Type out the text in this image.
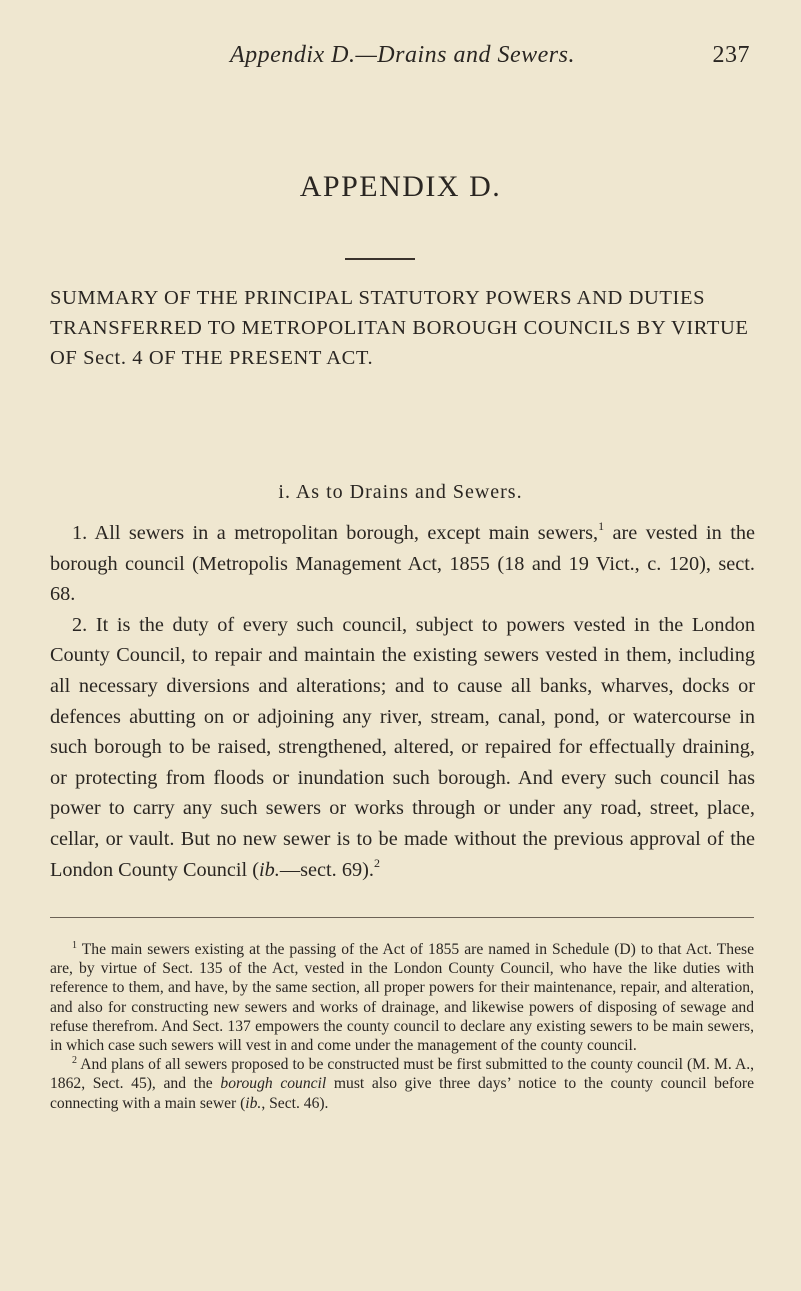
Appendix D.—Drains and Sewers.	237
APPENDIX D.
SUMMARY OF THE PRINCIPAL STATUTORY POWERS AND DUTIES TRANSFERRED TO METROPOLITAN BOROUGH COUNCILS BY VIRTUE OF Sect. 4 OF THE PRESENT ACT.
i. As to Drains and Sewers.

1. All sewers in a metropolitan borough, except main sewers,$^1$ are vested in the borough council (Metropolis Management Act, 1855 (18 and 19 Vict., c. 120), sect. 68.

2. It is the duty of every such council, subject to powers vested in the London County Council, to repair and maintain the existing sewers vested in them, including all necessary diversions and alterations; and to cause all banks, wharves, docks or defences abutting on or adjoining any river, stream, canal, pond, or watercourse in such borough to be raised, strengthened, altered, or repaired for effectually draining, or protecting from floods or inundation such borough. And every such council has power to carry any such sewers or works through or under any road, street, place, cellar, or vault. But no new sewer is to be made without the previous approval of the London County Council (ib.—sect. 69).$^2$

$^1$ The main sewers existing at the passing of the Act of 1855 are named in Schedule (D) to that Act. These are, by virtue of Sect. 135 of the Act, vested in the London County Council, who have the like duties with reference to them, and have, by the same section, all proper powers for their maintenance, repair, and alteration, and also for constructing new sewers and works of drainage, and likewise powers of disposing of sewage and refuse therefrom. And Sect. 137 empowers the county council to declare any existing sewers to be main sewers, in which case such sewers will vest in and come under the management of the county council.

$^2$ And plans of all sewers proposed to be constructed must be first submitted to the county council (M. M. A., 1862, Sect. 45), and the borough council must also give three days’ notice to the county council before connecting with a main sewer (ib., Sect. 46).
